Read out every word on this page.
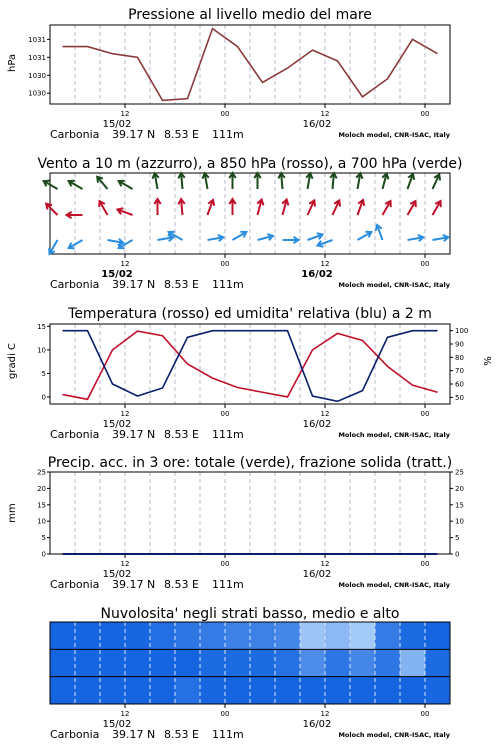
Pressione al livello medio del mare
hPa
Vento a 10 m (azzurro), a 850 hPa (rosso), a 700 hPa (verde)
Temperatura (rosso) ed umidita' relativa (blu) a 2 m
gradi C	%
Precip. acc. in 3 ore: totale (verde), frazione solida (tratt.)
mm
Nuvolosita' negli strati basso, medio e alto
1030
1030
1031
1031
12	00	12	00
15/02	16/02
Carbonia 39.17 N 8.53 E 111m	Moloch model, CNR-ISAC, Italy
12	00	12	00
15/02	16/02
Carbonia 39.17 N 8.53 E 111m	Moloch model, CNR-ISAC, Italy
0
5
10
15
50
60
70
80
90
100
12	00	12	00
15/02	16/02
Carbonia 39.17 N 8.53 E 111m	Moloch model, CNR-ISAC, Italy
0
5
10
15
20
25
0
5
10
15
20
25
12	00	12	00
15/02	16/02
Carbonia 39.17 N 8.53 E 111m	Moloch model, CNR-ISAC, Italy
12	00	12	00
15/02	16/02
Carbonia 39.17 N 8.53 E 111m	Moloch model, CNR-ISAC, Italy
